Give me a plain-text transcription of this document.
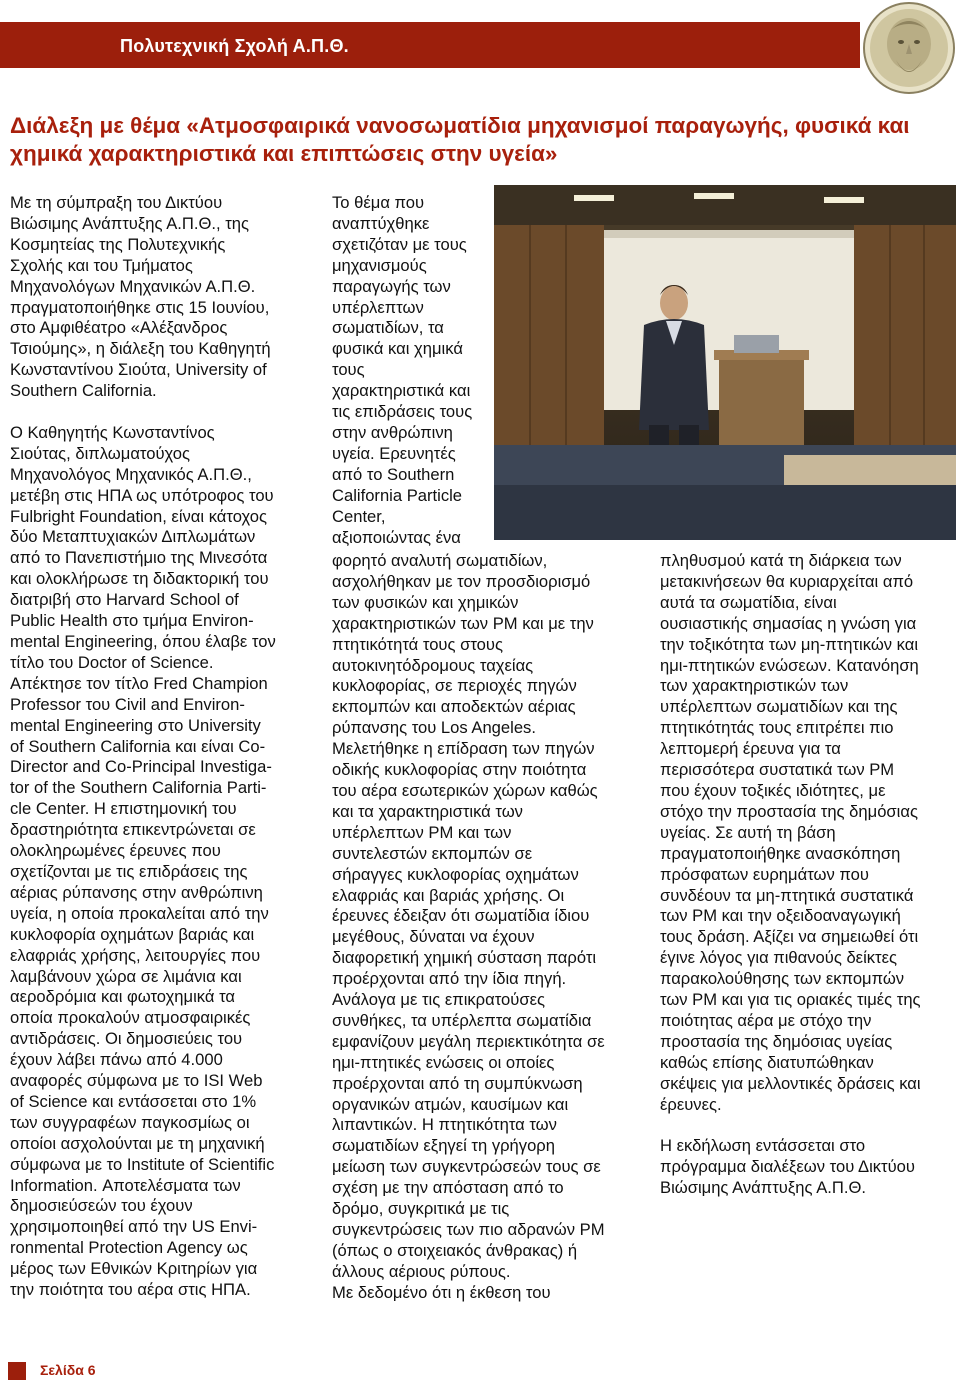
Πολυτεχνική Σχολή Α.Π.Θ.
Διάλεξη με θέμα «Ατμοσφαιρικά νανοσωματίδια μηχανισμοί παραγωγής, φυσικά και χημικά χαρακτηριστικά και επιπτώσεις στην υγεία»

Με τη σύμπραξη του Δικτύου
Βιώσιμης Ανάπτυξης Α.Π.Θ., της
Κοσμητείας της Πολυτεχνικής
Σχολής και του Τμήματος
Μηχανολόγων Μηχανικών Α.Π.Θ.
πραγματοποιήθηκε στις 15 Ιουνίου,
στο Αμφιθέατρο «Αλέξανδρος
Τσιούμης», η διάλεξη του Καθηγητή
Κωνσταντίνου Σιούτα, University of
Southern California.

Ο Καθηγητής Κωνσταντίνος
Σιούτας, διπλωματούχος
Μηχανολόγος Μηχανικός Α.Π.Θ.,
μετέβη στις ΗΠΑ ως υπότροφος του
Fulbright Foundation, είναι κάτοχος
δύο Μεταπτυχιακών Διπλωμάτων
από το Πανεπιστήμιο της Μινεσότα
και ολοκλήρωσε τη διδακτορική του
διατριβή στο Harvard School of
Public Health στο τμήμα Environ-
mental Engineering, όπου έλαβε τον
τίτλο του Doctor of Science.
Απέκτησε τον τίτλο Fred Champion
Professor του Civil and Environ-
mental Engineering στο University
of Southern California και είναι Co-
Director and Co-Principal Investiga-
tor of the Southern California Parti-
cle Center. Η επιστημονική του
δραστηριότητα επικεντρώνεται σε
ολοκληρωμένες έρευνες που
σχετίζονται με τις επιδράσεις της
αέριας ρύπανσης στην ανθρώπινη
υγεία, η οποία προκαλείται από την
κυκλοφορία οχημάτων βαριάς και
ελαφριάς χρήσης, λειτουργίες που
λαμβάνουν χώρα σε λιμάνια και
αεροδρόμια και φωτοχημικά τα
οποία προκαλούν ατμοσφαιρικές
αντιδράσεις. Οι δημοσιεύεις του
έχουν λάβει πάνω από 4.000
αναφορές σύμφωνα με το ISI Web
of Science και εντάσσεται στο 1%
των συγγραφέων παγκοσμίως οι
οποίοι ασχολούνται με τη μηχανική
σύμφωνα με το Institute of Scientific
Information. Αποτελέσματα των
δημοσιεύσεών του έχουν
χρησιμοποιηθεί από την US Envi-
ronmental Protection Agency ως
μέρος των Εθνικών Κριτηρίων για
την ποιότητα του αέρα στις ΗΠΑ.

Το θέμα που
αναπτύχθηκε
σχετιζόταν με τους
μηχανισμούς
παραγωγής των
υπέρλεπτων
σωματιδίων, τα
φυσικά και χημικά
τους
χαρακτηριστικά και
τις επιδράσεις τους
στην ανθρώπινη
υγεία. Ερευνητές
από το Southern
California Particle
Center,
αξιοποιώντας ένα

φορητό αναλυτή σωματιδίων,
ασχολήθηκαν με τον προσδιορισμό
των φυσικών και χημικών
χαρακτηριστικών των PM και με την
πτητικότητά τους στους
αυτοκινητόδρομους ταχείας
κυκλοφορίας, σε περιοχές πηγών
εκπομπών και αποδεκτών αέριας
ρύπανσης του Los Angeles.
Μελετήθηκε η επίδραση των πηγών
οδικής κυκλοφορίας στην ποιότητα
του αέρα εσωτερικών χώρων καθώς
και τα χαρακτηριστικά των
υπέρλεπτων PM και των
συντελεστών εκπομπών σε
σήραγγες κυκλοφορίας οχημάτων
ελαφριάς και βαριάς χρήσης. Οι
έρευνες έδειξαν ότι σωματίδια ίδιου
μεγέθους, δύναται να έχουν
διαφορετική χημική σύσταση παρότι
προέρχονται από την ίδια πηγή.
Ανάλογα με τις επικρατούσες
συνθήκες, τα υπέρλεπτα σωματίδια
εμφανίζουν μεγάλη περιεκτικότητα σε
ημι-πτητικές ενώσεις οι οποίες
προέρχονται από τη συμπύκνωση
οργανικών ατμών, καυσίμων και
λιπαντικών. Η πτητικότητα των
σωματιδίων εξηγεί τη γρήγορη
μείωση των συγκεντρώσεών τους σε
σχέση με την απόσταση από το
δρόμο, συγκριτικά με τις
συγκεντρώσεις των πιο αδρανών PM
(όπως ο στοιχειακός άνθρακας) ή
άλλους αέριους ρύπους.
Με δεδομένο ότι η έκθεση του

πληθυσμού κατά τη διάρκεια των
μετακινήσεων θα κυριαρχείται από
αυτά τα σωματίδια, είναι
ουσιαστικής σημασίας η γνώση για
την τοξικότητα των μη-πτητικών και
ημι-πτητικών ενώσεων. Κατανόηση
των χαρακτηριστικών των
υπέρλεπτων σωματιδίων και της
πτητικότητάς τους επιτρέπει πιο
λεπτομερή έρευνα για τα
περισσότερα συστατικά των PM
που έχουν τοξικές ιδιότητες, με
στόχο την προστασία της δημόσιας
υγείας. Σε αυτή τη βάση
πραγματοποιήθηκε ανασκόπηση
πρόσφατων ευρημάτων που
συνδέουν τα μη-πτητικά συστατικά
των PM και την οξειδοαναγωγική
τους δράση. Αξίζει να σημειωθεί ότι
έγινε λόγος για πιθανούς δείκτες
παρακολούθησης των εκπομπών
των PM και για τις οριακές τιμές της
ποιότητας αέρα με στόχο την
προστασία της δημόσιας υγείας
καθώς επίσης διατυπώθηκαν
σκέψεις για μελλοντικές δράσεις και
έρευνες.

Η εκδήλωση εντάσσεται στο
πρόγραμμα διαλέξεων του Δικτύου
Βιώσιμης Ανάπτυξης Α.Π.Θ.

Σελίδα 6
